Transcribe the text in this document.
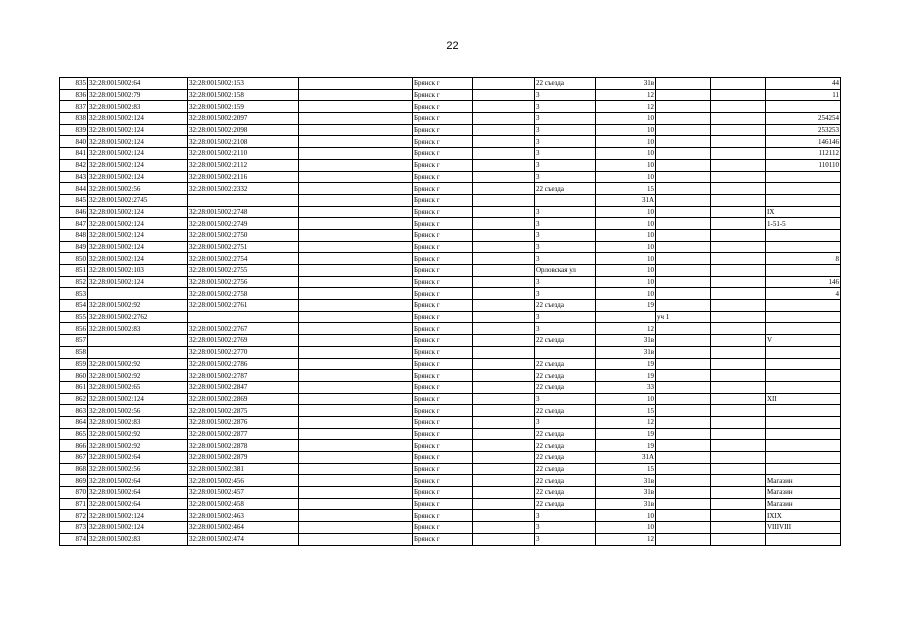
22
835	32:28:0015002:64	32:28:0015002:153		Брянск г		22 съезда	31в			44
836	32:28:0015002:79	32:28:0015002:158		Брянск г		3	12			11
837	32:28:0015002:83	32:28:0015002:159		Брянск г		3	12			
838	32:28:0015002:124	32:28:0015002:2097		Брянск г		3	10			254254
839	32:28:0015002:124	32:28:0015002:2098		Брянск г		3	10			253253
840	32:28:0015002:124	32:28:0015002:2108		Брянск г		3	10			146146
841	32:28:0015002:124	32:28:0015002:2110		Брянск г		3	10			112112
842	32:28:0015002:124	32:28:0015002:2112		Брянск г		3	10			110110
843	32:28:0015002:124	32:28:0015002:2116		Брянск г		3	10			
844	32:28:0015002:56	32:28:0015002:2332		Брянск г		22 съезда	15			
845	32:28:0015002:2745			Брянск г			31А			
846	32:28:0015002:124	32:28:0015002:2748		Брянск г		3	10			IX
847	32:28:0015002:124	32:28:0015002:2749		Брянск г		3	10			1-51-5
848	32:28:0015002:124	32:28:0015002:2750		Брянск г		3	10			
849	32:28:0015002:124	32:28:0015002:2751		Брянск г		3	10			
850	32:28:0015002:124	32:28:0015002:2754		Брянск г		3	10			8
851	32:28:0015002:103	32:28:0015002:2755		Брянск г		Орловская ул	10			
852	32:28:0015002:124	32:28:0015002:2756		Брянск г		3	10			146
853		32:28:0015002:2758		Брянск г		3	10			4
854	32:28:0015002:92	32:28:0015002:2761		Брянск г		22 съезда	19			
855	32:28:0015002:2762			Брянск г		3		уч 1		
856	32:28:0015002:83	32:28:0015002:2767		Брянск г		3	12			
857		32:28:0015002:2769		Брянск г		22 съезда	31в			V
858		32:28:0015002:2770		Брянск г			31в			
859	32:28:0015002:92	32:28:0015002:2786		Брянск г		22 съезда	19			
860	32:28:0015002:92	32:28:0015002:2787		Брянск г		22 съезда	19			
861	32:28:0015002:65	32:28:0015002:2847		Брянск г		22 съезда	33			
862	32:28:0015002:124	32:28:0015002:2869		Брянск г		3	10			XII
863	32:28:0015002:56	32:28:0015002:2875		Брянск г		22 съезда	15			
864	32:28:0015002:83	32:28:0015002:2876		Брянск г		3	12			
865	32:28:0015002:92	32:28:0015002:2877		Брянск г		22 съезда	19			
866	32:28:0015002:92	32:28:0015002:2878		Брянск г		22 съезда	19			
867	32:28:0015002:64	32:28:0015002:2879		Брянск г		22 съезда	31А			
868	32:28:0015002:56	32:28:0015002:381		Брянск г		22 съезда	15			
869	32:28:0015002:64	32:28:0015002:456		Брянск г		22 съезда	31в			Магазин
870	32:28:0015002:64	32:28:0015002:457		Брянск г		22 съезда	31в			Магазин
871	32:28:0015002:64	32:28:0015002:458		Брянск г		22 съезда	31в			Магазин
872	32:28:0015002:124	32:28:0015002:463		Брянск г		3	10			IXIX
873	32:28:0015002:124	32:28:0015002:464		Брянск г		3	10			VIIIVIII
874	32:28:0015002:83	32:28:0015002:474		Брянск г		3	12			
